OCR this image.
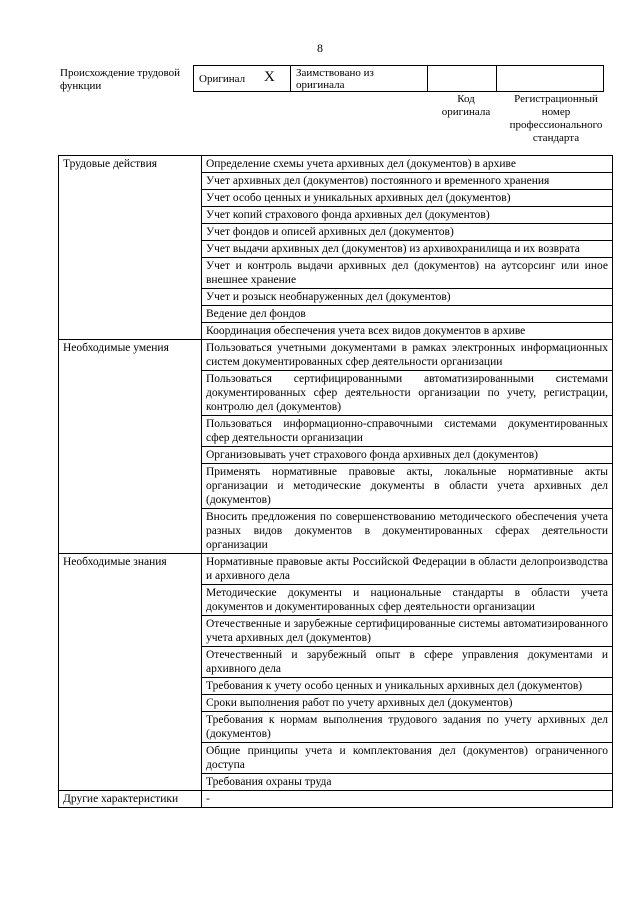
8
Происхождение трудовой функции
Оригинал X	Заимствовано из оригинала		
Код оригинала
Регистрационный номер профессионального стандарта
Трудовые действия	Определение схемы учета архивных дел (документов) в архиве
	Учет архивных дел (документов) постоянного и временного хранения
	Учет особо ценных и уникальных архивных дел (документов)
	Учет копий страхового фонда архивных дел (документов)
	Учет фондов и описей архивных дел (документов)
	Учет выдачи архивных дел (документов) из архивохранилища и их возврата
	Учет и контроль выдачи архивных дел (документов) на аутсорсинг или иное внешнее хранение
	Учет и розыск необнаруженных дел (документов)
	Ведение дел фондов
	Координация обеспечения учета всех видов документов в архиве
Необходимые умения	Пользоваться учетными документами в рамках электронных информационных систем документированных сфер деятельности организации
	Пользоваться сертифицированными автоматизированными системами документированных сфер деятельности организации по учету, регистрации, контролю дел (документов)
	Пользоваться информационно-справочными системами документированных сфер деятельности организации
	Организовывать учет страхового фонда архивных дел (документов)
	Применять нормативные правовые акты, локальные нормативные акты организации и методические документы в области учета архивных дел (документов)
	Вносить предложения по совершенствованию методического обеспечения учета разных видов документов в документированных сферах деятельности организации
Необходимые знания	Нормативные правовые акты Российской Федерации в области делопроизводства и архивного дела
	Методические документы и национальные стандарты в области учета документов и документированных сфер деятельности организации
	Отечественные и зарубежные сертифицированные системы автоматизированного учета архивных дел (документов)
	Отечественный и зарубежный опыт в сфере управления документами и архивного дела
	Требования к учету особо ценных и уникальных архивных дел (документов)
	Сроки выполнения работ по учету архивных дел (документов)
	Требования к нормам выполнения трудового задания по учету архивных дел (документов)
	Общие принципы учета и комплектования дел (документов) ограниченного доступа
	Требования охраны труда
Другие характеристики	-
